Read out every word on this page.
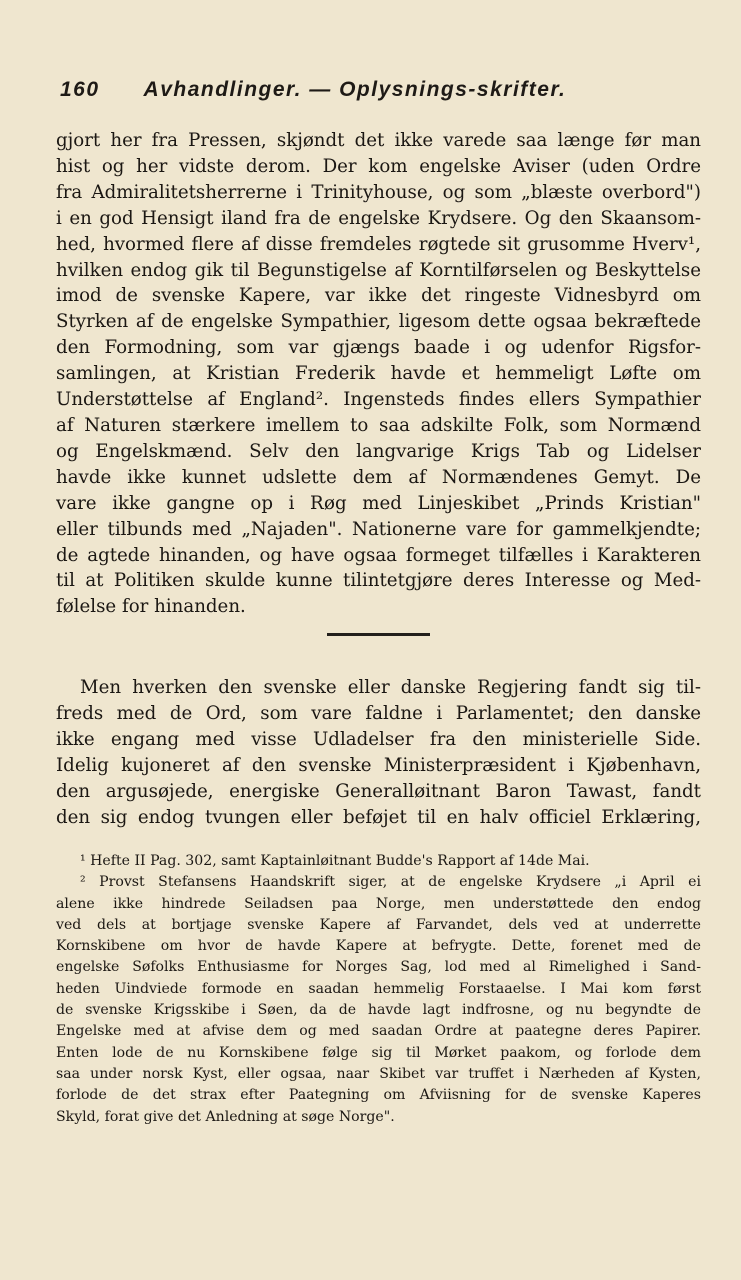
160 Avhandlinger. — Oplysnings-skrifter.
gjort her fra Pressen, skjøndt det ikke varede saa længe før man
hist og her vidste derom. Der kom engelske Aviser (uden Ordre
fra Admiralitetsherrerne i Trinityhouse, og som „blæste overbord")
i en god Hensigt iland fra de engelske Krydsere. Og den Skaansom-
hed, hvormed flere af disse fremdeles røgtede sit grusomme Hverv¹,
hvilken endog gik til Begunstigelse af Korntilførselen og Beskyttelse
imod de svenske Kapere, var ikke det ringeste Vidnesbyrd om
Styrken af de engelske Sympathier, ligesom dette ogsaa bekræftede
den Formodning, som var gjængs baade i og udenfor Rigsfor-
samlingen, at Kristian Frederik havde et hemmeligt Løfte om
Understøttelse af England². Ingensteds findes ellers Sympathier
af Naturen stærkere imellem to saa adskilte Folk, som Normænd
og Engelskmænd. Selv den langvarige Krigs Tab og Lidelser
havde ikke kunnet udslette dem af Normændenes Gemyt. De
vare ikke gangne op i Røg med Linjeskibet „Prinds Kristian"
eller tilbunds med „Najaden". Nationerne vare for gammelkjendte;
de agtede hinanden, og have ogsaa formeget tilfælles i Karakteren
til at Politiken skulde kunne tilintetgjøre deres Interesse og Med-
følelse for hinanden.
Men hverken den svenske eller danske Regjering fandt sig til-
freds med de Ord, som vare faldne i Parlamentet; den danske
ikke engang med visse Udladelser fra den ministerielle Side.
Idelig kujoneret af den svenske Ministerpræsident i Kjøbenhavn,
den argusøjede, energiske Generalløitnant Baron Tawast, fandt
den sig endog tvungen eller beføjet til en halv officiel Erklæring,
¹ Hefte II Pag. 302, samt Kaptainløitnant Budde's Rapport af 14de Mai.
² Provst Stefansens Haandskrift siger, at de engelske Krydsere „i April ei
alene ikke hindrede Seiladsen paa Norge, men understøttede den endog
ved dels at bortjage svenske Kapere af Farvandet, dels ved at underrette
Kornskibene om hvor de havde Kapere at befrygte. Dette, forenet med de
engelske Søfolks Enthusiasme for Norges Sag, lod med al Rimelighed i Sand-
heden Uindviede formode en saadan hemmelig Forstaaelse. I Mai kom først
de svenske Krigsskibe i Søen, da de havde lagt indfrosne, og nu begyndte de
Engelske med at afvise dem og med saadan Ordre at paategne deres Papirer.
Enten lode de nu Kornskibene følge sig til Mørket paakom, og forlode dem
saa under norsk Kyst, eller ogsaa, naar Skibet var truffet i Nærheden af Kysten,
forlode de det strax efter Paategning om Afviisning for de svenske Kaperes
Skyld, forat give det Anledning at søge Norge".
